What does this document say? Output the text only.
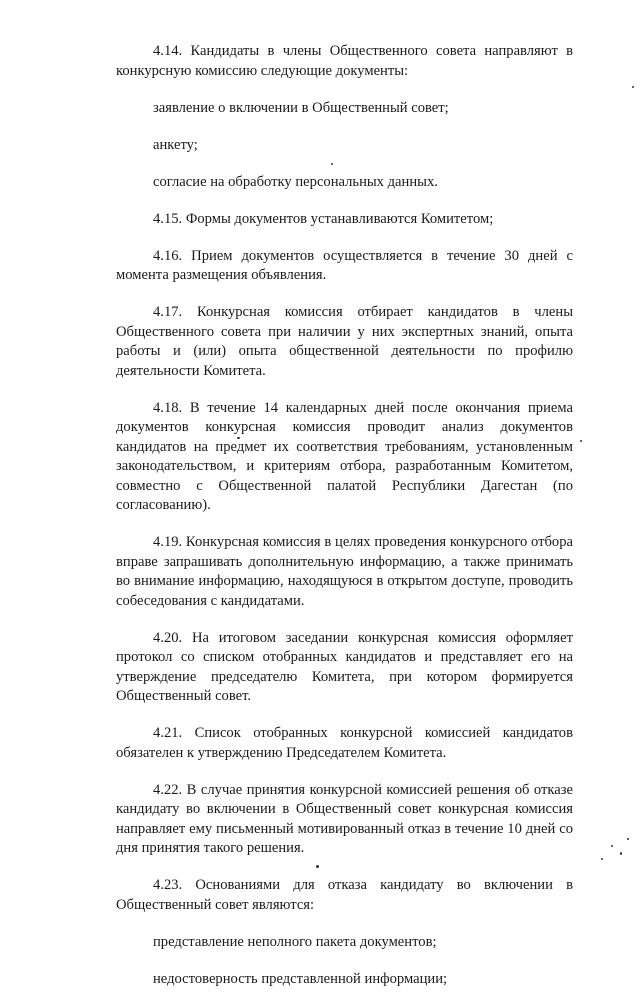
4.14. Кандидаты в члены Общественного совета направляют в конкурсную комиссию следующие документы:

заявление о включении в Общественный совет;

анкету;

согласие на обработку персональных данных.

4.15. Формы документов устанавливаются Комитетом;

4.16. Прием документов осуществляется в течение 30 дней с момента размещения объявления.

4.17. Конкурсная комиссия отбирает кандидатов в члены Общественного совета при наличии у них экспертных знаний, опыта работы и (или) опыта общественной деятельности по профилю деятельности Комитета.

4.18. В течение 14 календарных дней после окончания приема документов конкурсная комиссия проводит анализ документов кандидатов на предмет их соответствия требованиям, установленным законодательством, и критериям отбора, разработанным Комитетом, совместно с Общественной палатой Республики Дагестан (по согласованию).

4.19. Конкурсная комиссия в целях проведения конкурсного отбора вправе запрашивать дополнительную информацию, а также принимать во внимание информацию, находящуюся в открытом доступе, проводить собеседования с кандидатами.

4.20. На итоговом заседании конкурсная комиссия оформляет протокол со списком отобранных кандидатов и представляет его на утверждение председателю Комитета, при котором формируется Общественный совет.

4.21. Список отобранных конкурсной комиссией кандидатов обязателен к утверждению Председателем Комитета.

4.22. В случае принятия конкурсной комиссией решения об отказе кандидату во включении в Общественный совет конкурсная комиссия направляет ему письменный мотивированный отказ в течение 10 дней со дня принятия такого решения.

4.23. Основаниями для отказа кандидату во включении в Общественный совет являются:

представление неполного пакета документов;

недостоверность представленной информации;
